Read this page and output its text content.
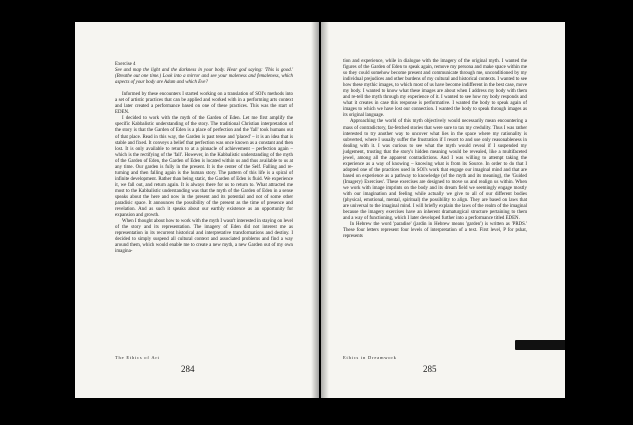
Exercise 4
See and map the light and the darkness in your body. Hear god saying: 'This is good.' (Breathe out one time.) Look into a mirror and see your maleness and femaleness, which aspects of your body are Adam and which Eve?

Informed by these encounters I started working on a translation of SOI's methods into a set of artistic practices that can be applied and worked with in a performing arts context and later created a performance based on one of these practices. This was the start of EDEN.

I decided to work with the myth of the Garden of Eden. Let me first amplify the specific Kabbalistic understanding of the story. The traditional Christian interpretation of the story is that the Garden of Eden is a place of perfection and the 'fall' took humans out of that place. Read in this way, the Garden is past tense and 'placed' – it is an idea that is stable and fixed. It conveys a belief that perfection was once known as a constant and then lost. It is only available to return to at a pinnacle of achievement – perfection again – which is the rectifying of the 'fall'. However, in the Kabbalistic understanding of the myth of the Garden of Eden, the Garden of Eden is located within us and thus available to us at any time. Our garden is fully in the present. It is the center of the Self. Falling and re-turning and then falling again is the human story. The pattern of this life is a spiral of infinite development. Rather than being static, the Garden of Eden is fluid. We experience it, we fall out, and return again. It is always there for us to return to. What attracted me most to the Kabbalistic understanding was that the myth of the Garden of Eden in a sense speaks about the here and now in the present and its potential and not of some other paradisic space. It announces the possibility of the present as the time of presence and revelation. And as such it speaks about our earthly existence as an opportunity for expansion and growth.

When I thought about how to work with the myth I wasn't interested in staying on level of the story and its representation. The imagery of Eden did not interest me as representation in its recurrent historical and interpretative transformations and destiny. I decided to simply suspend all cultural context and associated problems and find a way around them, which would enable me to create a new myth, a new Garden out of my own imagina-

The Ethics of Art
284

tion and experience, while in dialogue with the imagery of the original myth. I wanted the figures of the Garden of Eden to speak again, remove my persona and make space within me so they could somehow become present and communicate through me, unconditioned by my individual prejudices and other burdens of my cultural and historical contexts. I wanted to see how these mythic images, to which most of us have become indifferent in the best case, move my body. I wanted to know what these images are about when I address my body with them and re-tell the myth through my experience of it. I wanted to see how my body responds and what it creates in case this response is performative. I wanted the body to speak again of images to which we have lost our connection. I wanted the body to speak through images as its original language.

Approaching the world of this myth objectively would necessarily mean encountering a mass of contradictory, far-fetched stories that were sure to tax my credulity. Thus I was rather interested to try another way to uncover what lies in the space where my rationality is subverted, where I usually suffer the frustration if I resort to and use only reasonableness in dealing with it. I was curious to see what the myth would reveal if I suspended my judgement, trusting that the story's hidden meaning would be revealed, like a multifaceted jewel, among all the apparent contradictions. And I was willing to attempt taking the experience as a way of knowing – knowing what is from its Source. In order to do that I adopted one of the practices used in SOI's work that engage our imaginal mind and that are based on experience as a pathway to knowledge (of the myth and its meaning), the 'Guided (Imagery) Exercises'. These exercises are designed to move us and realign us within. When we work with image imprints on the body and its dream field we seemingly engage mostly with our imagination and feeling while actually we give to all of our different bodies (physical, emotional, mental, spiritual) the possibility to align. They are based on laws that are universal to the imaginal mind. I will briefly explain the laws of the realm of the imaginal because the imagery exercises have an inherent dramaturgical structure pertaining to them and a way of functioning, which I later developed further into a performance titled EDEN.

In Hebrew the word 'paradise' (jardin in Hebrew means 'garden') is written as 'PRDS.' These four letters represent four levels of interpretation of a text. First level, P for pshat, represents

Ethics in Dreamwork
285
